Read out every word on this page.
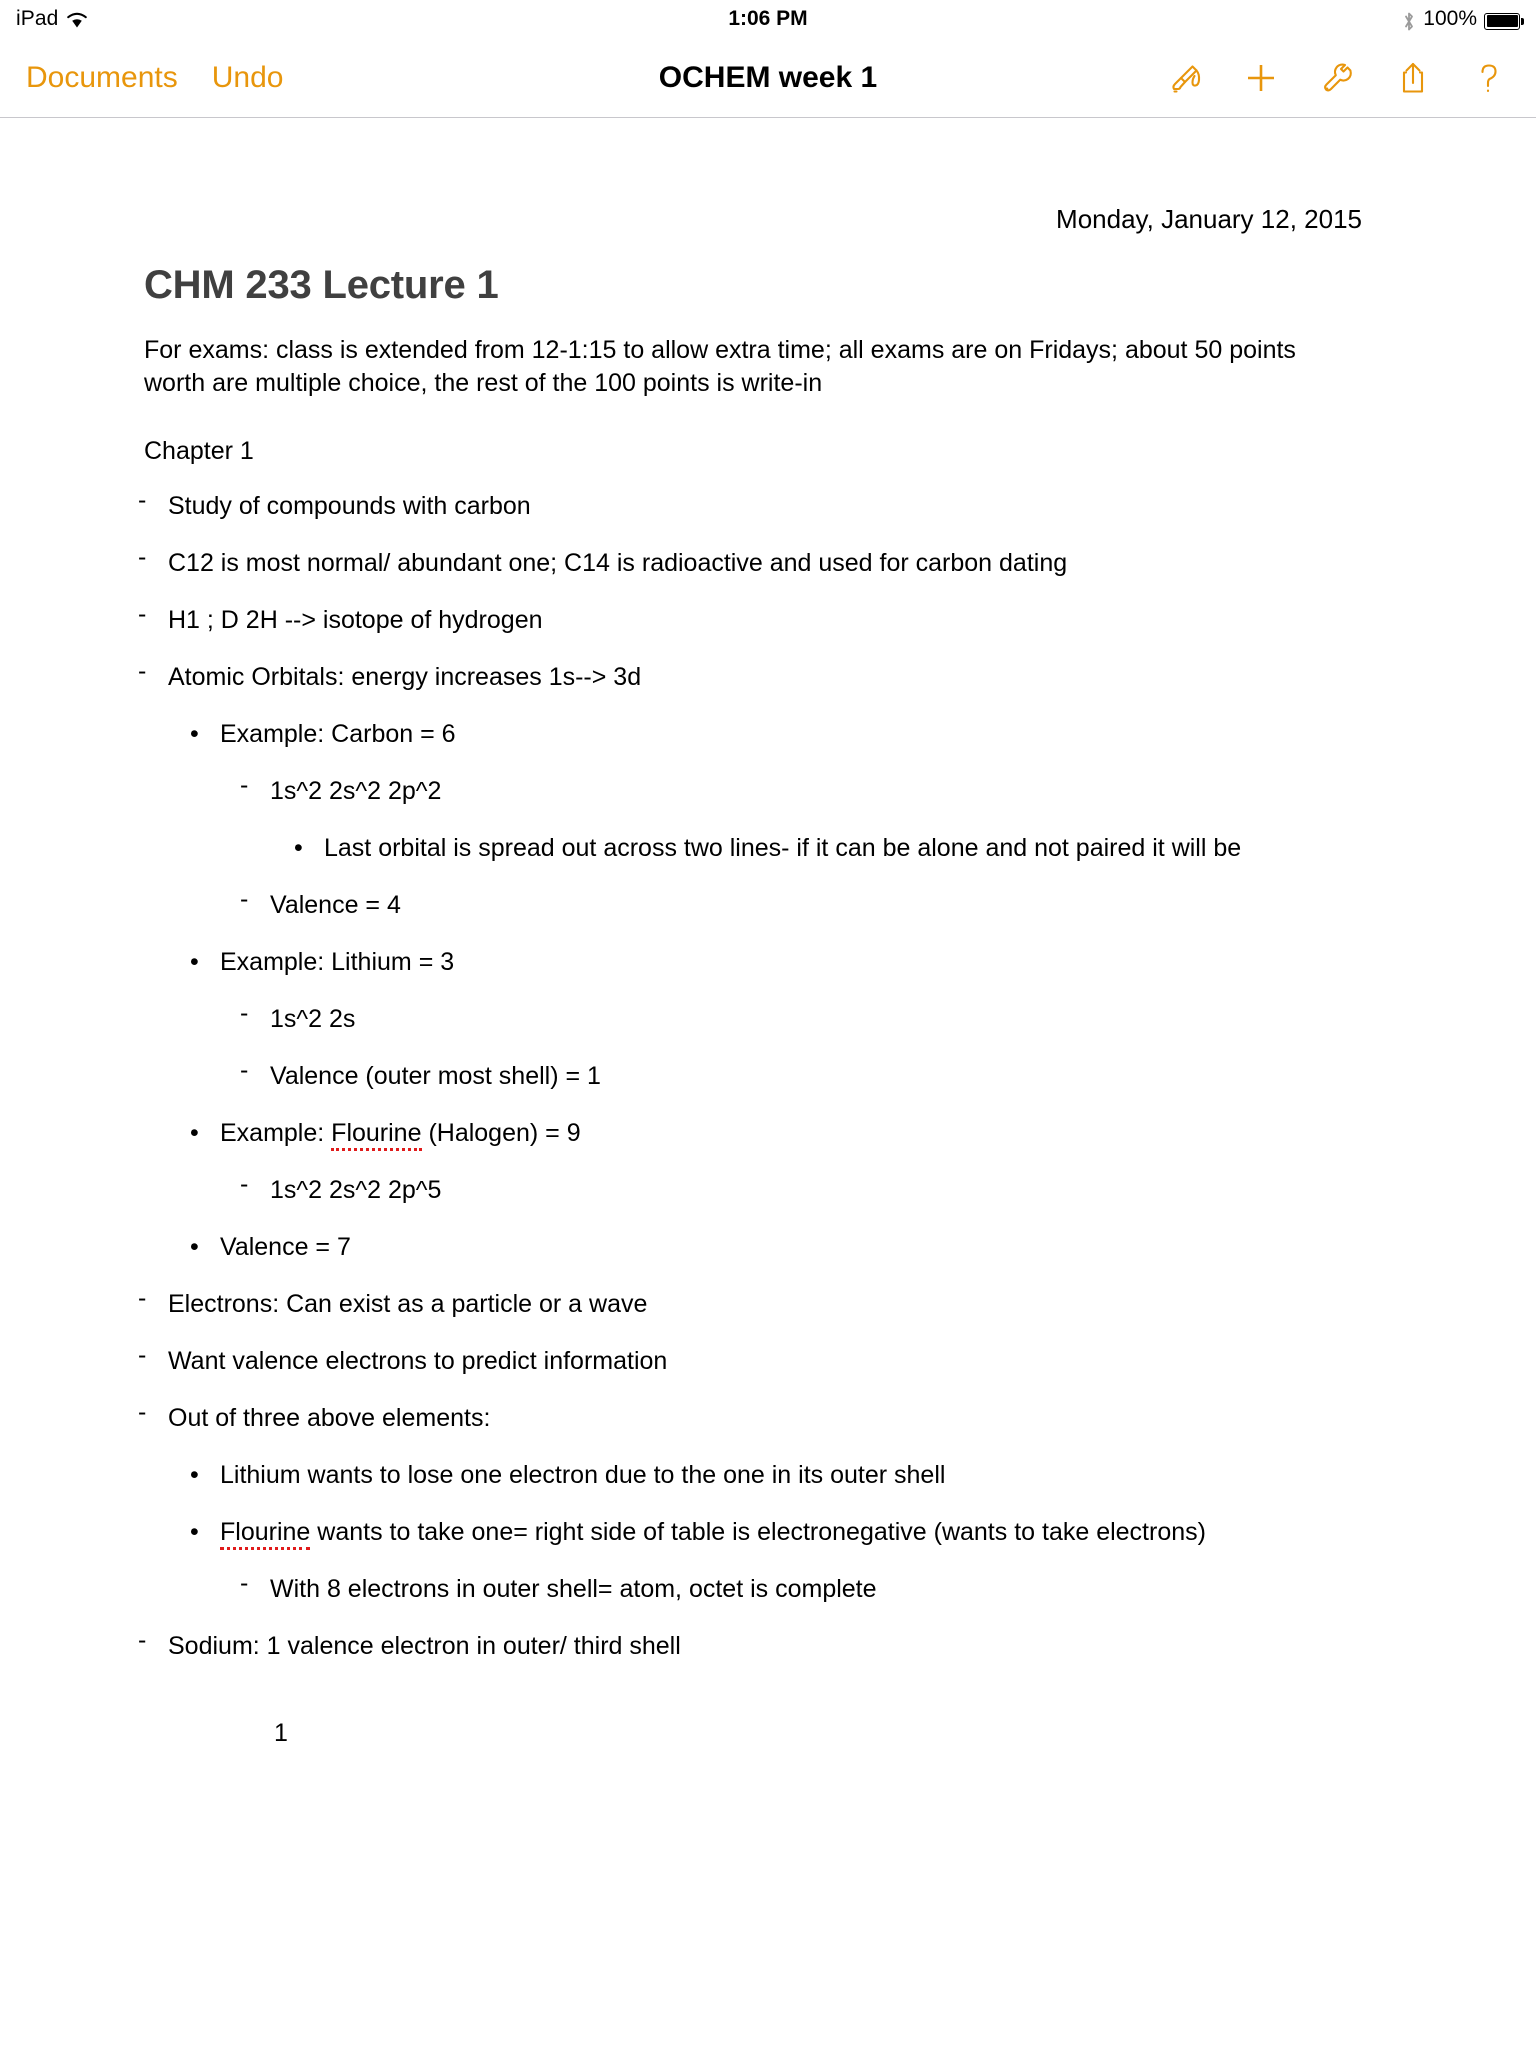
iPad	1:06 PM	100%
Documents Undo	OCHEM week 1
Monday, January 12, 2015
CHM 233 Lecture 1

For exams: class is extended from 12-1:15 to allow extra time; all exams are on Fridays; about 50 points worth are multiple choice, the rest of the 100 points is write-in

Chapter 1
- Study of compounds with carbon
- C12 is most normal/ abundant one; C14 is radioactive and used for carbon dating
- H1 ; D 2H --> isotope of hydrogen
- Atomic Orbitals: energy increases 1s--> 3d
• Example: Carbon = 6
- 1s^2 2s^2 2p^2
• Last orbital is spread out across two lines- if it can be alone and not paired it will be
- Valence = 4
• Example: Lithium = 3
- 1s^2 2s
- Valence (outer most shell) = 1
• Example: Flourine (Halogen) = 9
- 1s^2 2s^2 2p^5
• Valence = 7
- Electrons: Can exist as a particle or a wave
- Want valence electrons to predict information
- Out of three above elements:
• Lithium wants to lose one electron due to the one in its outer shell
• Flourine wants to take one= right side of table is electronegative (wants to take electrons)
- With 8 electrons in outer shell= atom, octet is complete
- Sodium: 1 valence electron in outer/ third shell
1
